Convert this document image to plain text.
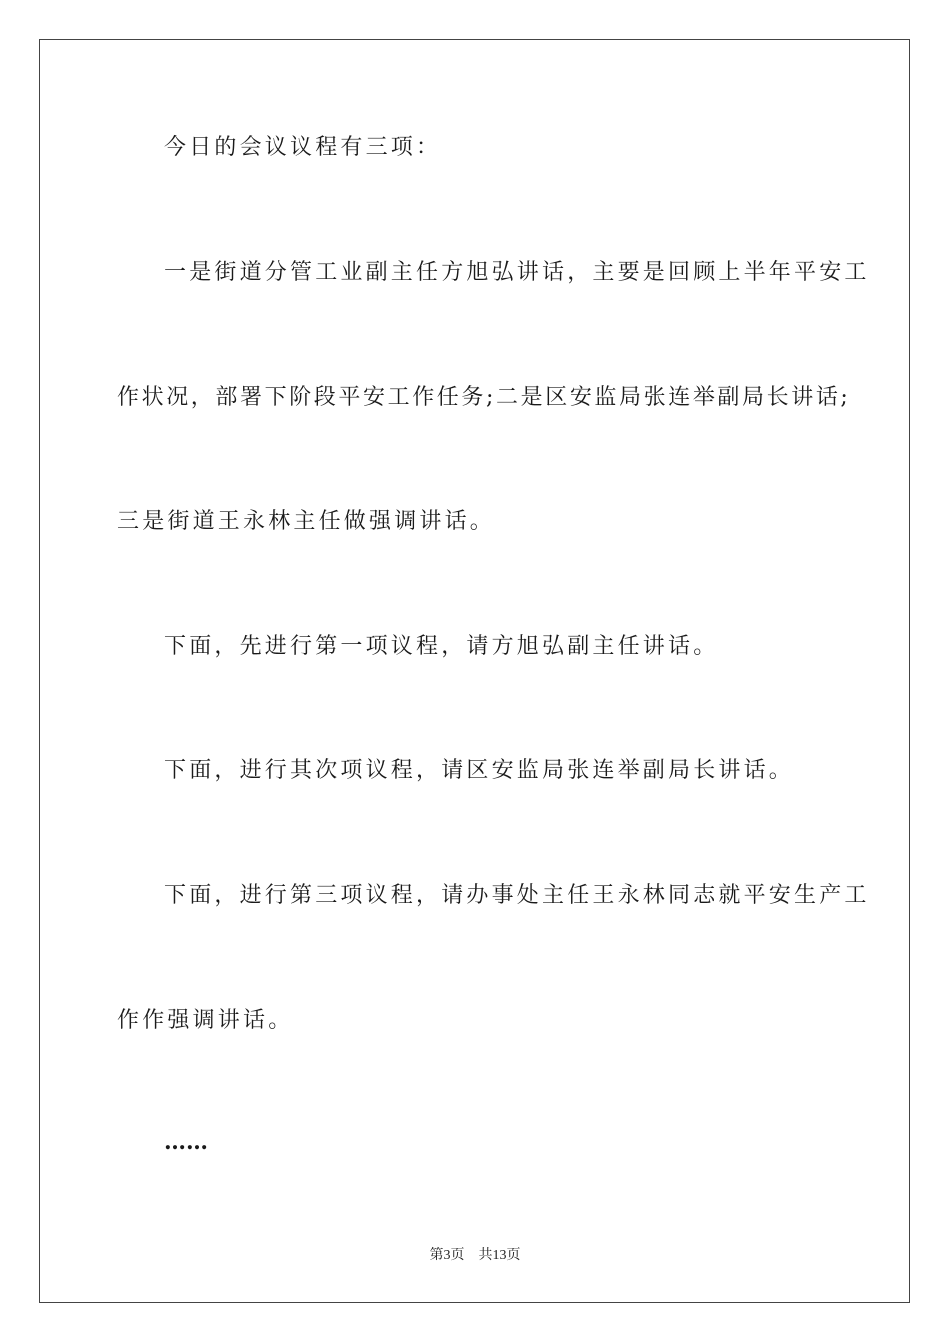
今日的会议议程有三项：
一是街道分管工业副主任方旭弘讲话，主要是回顾上半年平安工
作状况，部署下阶段平安工作任务;二是区安监局张连举副局长讲话;
三是街道王永林主任做强调讲话。
下面，先进行第一项议程，请方旭弘副主任讲话。
下面，进行其次项议程，请区安监局张连举副局长讲话。
下面，进行第三项议程，请办事处主任王永林同志就平安生产工
作作强调讲话。
……
第3页 共13页
